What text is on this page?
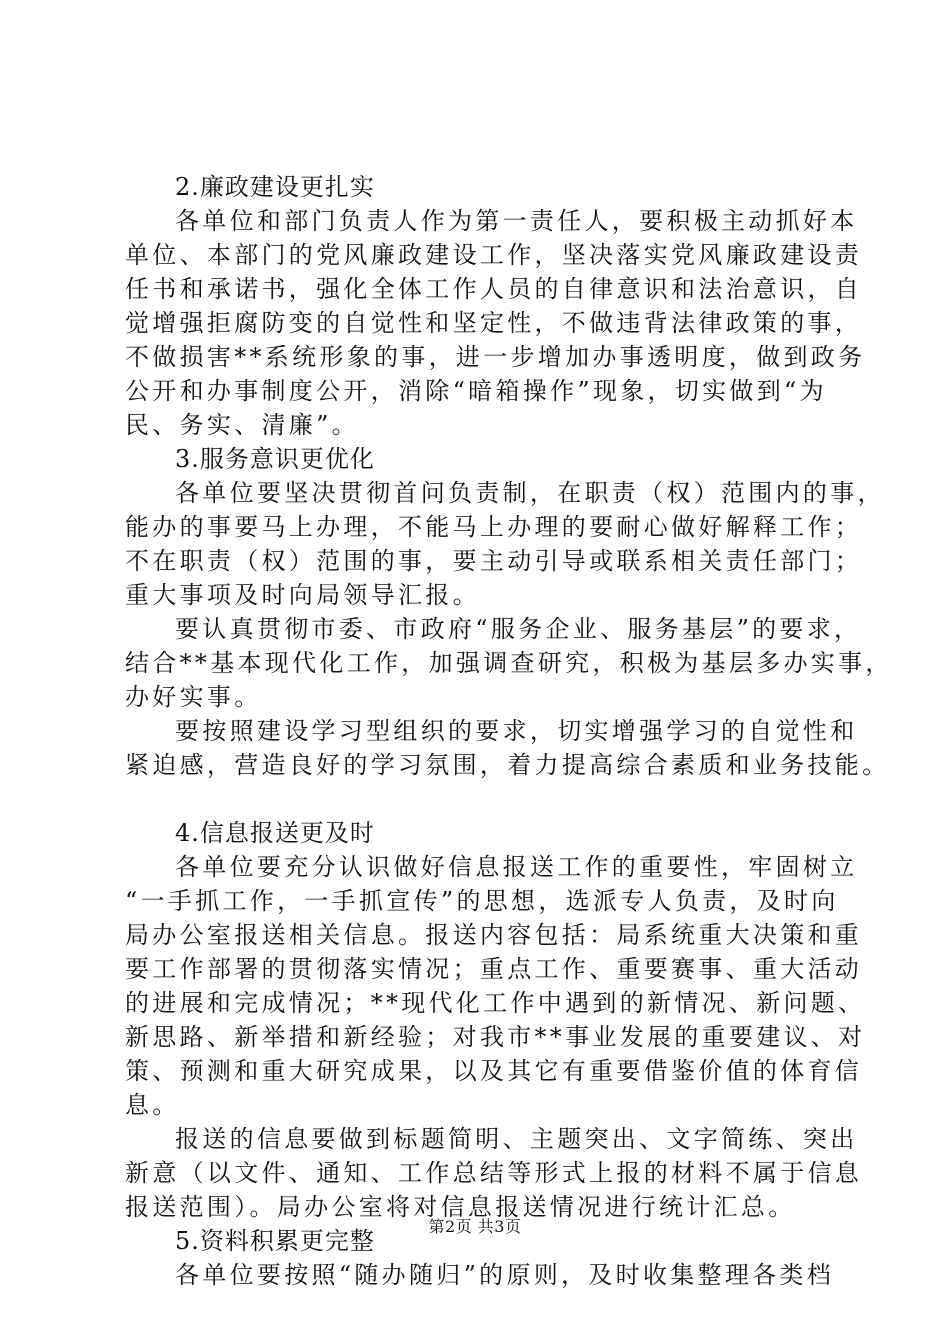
2.廉政建设更扎实
各单位和部门负责人作为第一责任人，要积极主动抓好本
单位、本部门的党风廉政建设工作，坚决落实党风廉政建设责
任书和承诺书，强化全体工作人员的自律意识和法治意识，自
觉增强拒腐防变的自觉性和坚定性，不做违背法律政策的事，
不做损害**系统形象的事，进一步增加办事透明度，做到政务
公开和办事制度公开，消除“暗箱操作”现象，切实做到“为
民、务实、清廉”。
3.服务意识更优化
各单位要坚决贯彻首问负责制，在职责（权）范围内的事，
能办的事要马上办理，不能马上办理的要耐心做好解释工作；
不在职责（权）范围的事，要主动引导或联系相关责任部门；
重大事项及时向局领导汇报。
要认真贯彻市委、市政府“服务企业、服务基层”的要求，
结合**基本现代化工作，加强调查研究，积极为基层多办实事，
办好实事。
要按照建设学习型组织的要求，切实增强学习的自觉性和
紧迫感，营造良好的学习氛围，着力提高综合素质和业务技能。
4.信息报送更及时
各单位要充分认识做好信息报送工作的重要性，牢固树立
“一手抓工作，一手抓宣传”的思想，选派专人负责，及时向
局办公室报送相关信息。报送内容包括：局系统重大决策和重
要工作部署的贯彻落实情况；重点工作、重要赛事、重大活动
的进展和完成情况；**现代化工作中遇到的新情况、新问题、
新思路、新举措和新经验；对我市**事业发展的重要建议、对
策、预测和重大研究成果，以及其它有重要借鉴价值的体育信
息。
报送的信息要做到标题简明、主题突出、文字简练、突出
新意（以文件、通知、工作总结等形式上报的材料不属于信息
报送范围）。局办公室将对信息报送情况进行统计汇总。
5.资料积累更完整
各单位要按照“随办随归”的原则，及时收集整理各类档
第2页 共3页
